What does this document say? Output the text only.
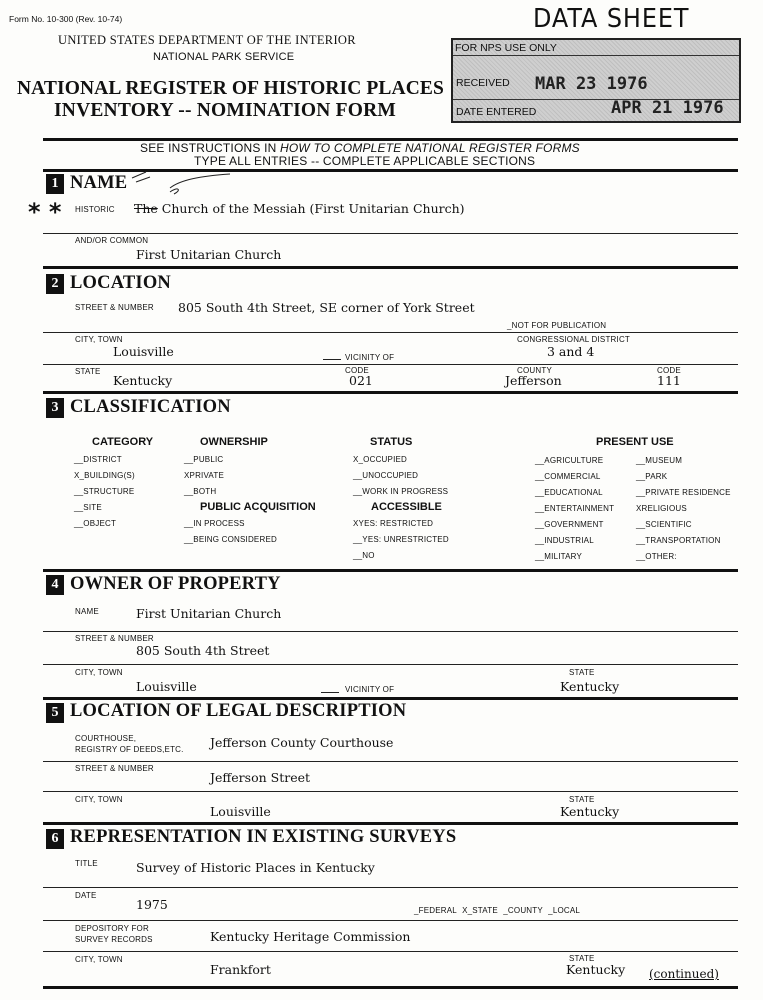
Form No. 10-300 (Rev. 10-74)	DATA SHEET
UNITED STATES DEPARTMENT OF THE INTERIOR
NATIONAL PARK SERVICE
NATIONAL REGISTER OF HISTORIC PLACES
INVENTORY -- NOMINATION FORM
FOR NPS USE ONLY
RECEIVED MAR 23 1976
DATE ENTERED	APR 21 1976
SEE INSTRUCTIONS IN HOW TO COMPLETE NATIONAL REGISTER FORMS
TYPE ALL ENTRIES -- COMPLETE APPLICABLE SECTIONS
1 NAME
* * HISTORIC The Church of the Messiah (First Unitarian Church)
AND/OR COMMON
First Unitarian Church
2 LOCATION
STREET & NUMBER 805 South 4th Street, SE corner of York Street
_NOT FOR PUBLICATION
CITY, TOWN
Louisville	VICINITY OF
CONGRESSIONAL DISTRICT
3 and 4
STATE
Kentucky
CODE
021
COUNTY
Jefferson
CODE
111
3 CLASSIFICATION
CATEGORY
__DISTRICT
X_BUILDING(S)
__STRUCTURE
__SITE
__OBJECT
OWNERSHIP
__PUBLIC
XPRIVATE
__BOTH
PUBLIC ACQUISITION
__IN PROCESS
__BEING CONSIDERED
STATUS
X_OCCUPIED
__UNOCCUPIED
__WORK IN PROGRESS
ACCESSIBLE
XYES: RESTRICTED
__YES: UNRESTRICTED
__NO
PRESENT USE
__AGRICULTURE
__COMMERCIAL
__EDUCATIONAL
__ENTERTAINMENT
__GOVERNMENT
__INDUSTRIAL
__MILITARY
__MUSEUM
__PARK
__PRIVATE RESIDENCE
XRELIGIOUS
__SCIENTIFIC
__TRANSPORTATION
__OTHER:
4 OWNER OF PROPERTY
NAME	First Unitarian Church
STREET & NUMBER
805 South 4th Street
CITY, TOWN
Louisville	VICINITY OF
STATE
Kentucky
5 LOCATION OF LEGAL DESCRIPTION
COURTHOUSE,
REGISTRY OF DEEDS,ETC. Jefferson County Courthouse
STREET & NUMBER
Jefferson Street
CITY, TOWN
Louisville
STATE
Kentucky
6 REPRESENTATION IN EXISTING SURVEYS
TITLE	Survey of Historic Places in Kentucky
DATE
1975	_FEDERAL X_STATE _COUNTY _LOCAL
DEPOSITORY FOR
SURVEY RECORDS	Kentucky Heritage Commission
CITY, TOWN
Frankfort
STATE
Kentucky (continued)
